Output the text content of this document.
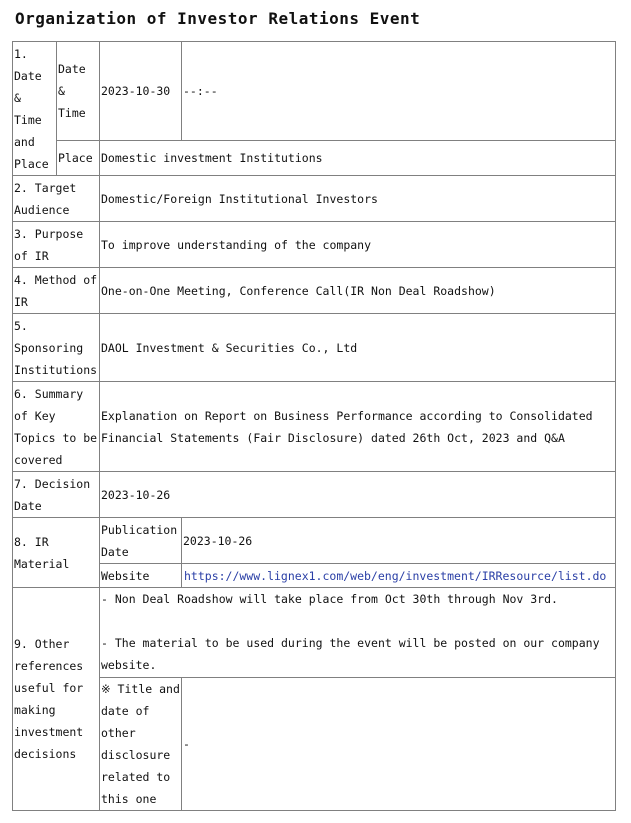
Organization of Investor Relations Event
1. Date & Time and Place	Date & Time	2023-10-30	--:--
	Place	Domestic investment Institutions	
2. Target Audience		Domestic/Foreign Institutional Investors	
3. Purpose of IR		To improve understanding of the company	
4. Method of IR		One-on-One Meeting, Conference Call(IR Non Deal Roadshow)	
5. Sponsoring Institutions		DAOL Investment & Securities Co., Ltd	
6. Summary of Key Topics to be covered		Explanation on Report on Business Performance according to Consolidated Financial Statements (Fair Disclosure) dated 26th Oct, 2023 and Q&A	
7. Decision Date		2023-10-26	
8. IR Material		Publication Date	2023-10-26
		Website	https://www.lignex1.com/web/eng/investment/IRResource/list.do
9. Other references useful for making investment decisions		- Non Deal Roadshow will take place from Oct 30th through Nov 3rd.
- The material to be used during the event will be posted on our company website.	

		※ Title and date of other disclosure related to this one	-
